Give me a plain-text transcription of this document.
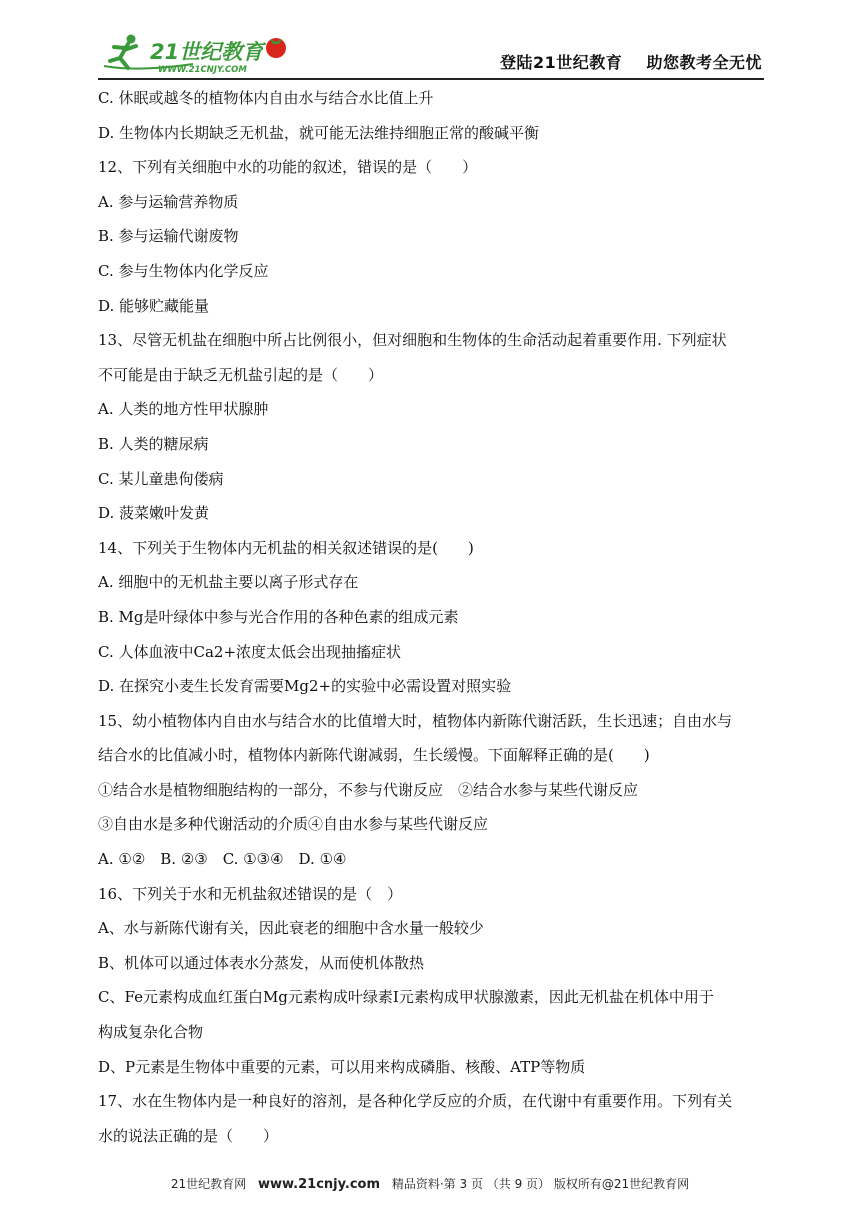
21世纪教育
WWW.21CNJY.COM	登陆21世纪教育    助您教考全无忧
C. 休眠或越冬的植物体内自由水与结合水比值上升
D. 生物体内长期缺乏无机盐，就可能无法维持细胞正常的酸碱平衡
12、下列有关细胞中水的功能的叙述，错误的是（　　）
A. 参与运输营养物质
B. 参与运输代谢废物
C. 参与生物体内化学反应
D. 能够贮藏能量
13、尽管无机盐在细胞中所占比例很小，但对细胞和生物体的生命活动起着重要作用. 下列症状
不可能是由于缺乏无机盐引起的是（　　）
A. 人类的地方性甲状腺肿
B. 人类的糖尿病
C. 某儿童患佝偻病
D. 菠菜嫩叶发黄
14、下列关于生物体内无机盐的相关叙述错误的是(　　)
A. 细胞中的无机盐主要以离子形式存在
B. Mg是叶绿体中参与光合作用的各种色素的组成元素
C. 人体血液中Ca2+浓度太低会出现抽搐症状
D. 在探究小麦生长发育需要Mg2+的实验中必需设置对照实验
15、幼小植物体内自由水与结合水的比值增大时，植物体内新陈代谢活跃，生长迅速；自由水与
结合水的比值减小时，植物体内新陈代谢减弱，生长缓慢。下面解释正确的是(　　)
①结合水是植物细胞结构的一部分，不参与代谢反应　②结合水参与某些代谢反应
③自由水是多种代谢活动的介质④自由水参与某些代谢反应
A. ①②　B. ②③　C. ①③④　D. ①④
16、下列关于水和无机盐叙述错误的是（　）
A、水与新陈代谢有关，因此衰老的细胞中含水量一般较少
B、机体可以通过体表水分蒸发，从而使机体散热
C、Fe元素构成血红蛋白Mg元素构成叶绿素I元素构成甲状腺激素，因此无机盐在机体中用于
构成复杂化合物
D、P元素是生物体中重要的元素，可以用来构成磷脂、核酸、ATP等物质
17、水在生物体内是一种良好的溶剂，是各种化学反应的介质，在代谢中有重要作用。下列有关
水的说法正确的是（　　）
21世纪教育网 www.21cnjy.com 精品资料·第 3 页 （共 9 页） 版权所有@21世纪教育网
